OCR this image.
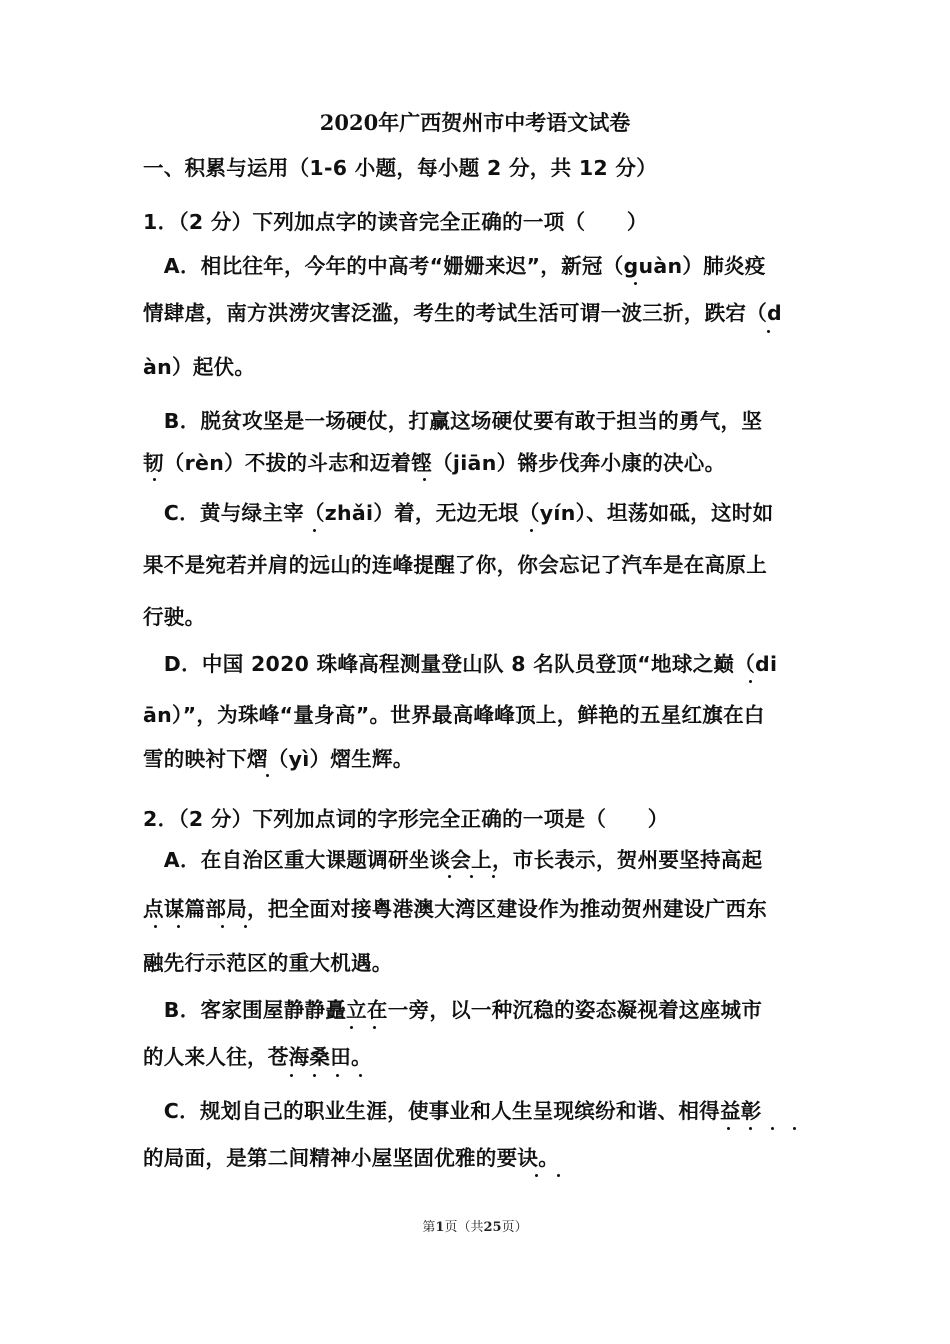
2020年广西贺州市中考语文试卷
一、积累与运用（1-6 小题，每小题 2 分，共 12 分）
1．（2 分）下列加点字的读音完全正确的一项（　　）
　A．相比往年，今年的中高考“姗姗来迟”，新冠（guàn）肺炎疫
情肆虐，南方洪涝灾害泛滥，考生的考试生活可谓一波三折，跌宕（d
àn）起伏。
　B．脱贫攻坚是一场硬仗，打赢这场硬仗要有敢于担当的勇气，坚
韧（rèn）不拔的斗志和迈着铿（jiān）锵步伐奔小康的决心。
　C．黄与绿主宰（zhǎi）着，无边无垠（yín）、坦荡如砥，这时如
果不是宛若并肩的远山的连峰提醒了你，你会忘记了汽车是在高原上
行驶。
　D．中国 2020 珠峰高程测量登山队 8 名队员登顶“地球之巅（di
ān）”，为珠峰“量身高”。世界最高峰峰顶上，鲜艳的五星红旗在白
雪的映衬下熠（yì）熠生辉。
2．（2 分）下列加点词的字形完全正确的一项是（　　）
　A．在自治区重大课题调研坐谈会上，市长表示，贺州要坚持高起
点谋篇部局，把全面对接粤港澳大湾区建设作为推动贺州建设广西东
融先行示范区的重大机遇。
　B．客家围屋静静矗立在一旁，以一种沉稳的姿态凝视着这座城市
的人来人往，苍海桑田。
　C．规划自己的职业生涯，使事业和人生呈现缤纷和谐、相得益彰
的局面，是第二间精神小屋坚固优雅的要诀。
第1页（共25页）
